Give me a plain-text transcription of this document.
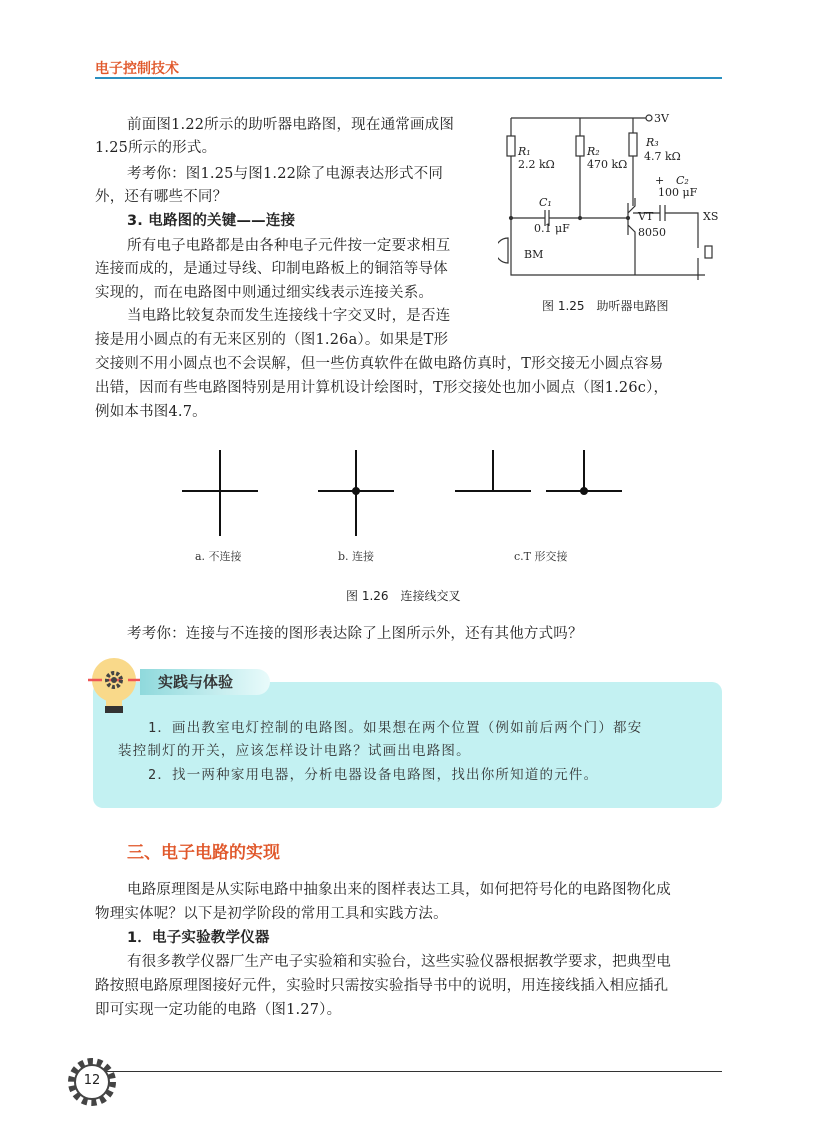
电子控制技术
前面图1.22所示的助听器电路图，现在通常画成图
1.25所示的形式。
考考你：图1.25与图1.22除了电源表达形式不同
外，还有哪些不同？
3. 电路图的关键——连接
所有电子电路都是由各种电子元件按一定要求相互
连接而成的，是通过导线、印制电路板上的铜箔等导体
实现的，而在电路图中则通过细实线表示连接关系。
当电路比较复杂而发生连接线十字交叉时，是否连
接是用小圆点的有无来区别的（图1.26a）。如果是T形
交接则不用小圆点也不会误解，但一些仿真软件在做电路仿真时，T形交接无小圆点容易
出错，因而有些电路图特别是用计算机设计绘图时，T形交接处也加小圆点（图1.26c），
例如本书图4.7。
3V
R₁
2.2 kΩ
R₂
470 kΩ
R₃
4.7 kΩ
+ C₂
100 μF
C₁
0.1 μF
VT
8050
XS
BM
图 1.25　助听器电路图
a. 不连接	b. 连接	c.T 形交接
图 1.26　连接线交叉
考考你：连接与不连接的图形表达除了上图所示外，还有其他方式吗？
实践与体验
1．画出教室电灯控制的电路图。如果想在两个位置（例如前后两个门）都安
装控制灯的开关，应该怎样设计电路？试画出电路图。
2．找一两种家用电器，分析电器设备电路图，找出你所知道的元件。
三、电子电路的实现
电路原理图是从实际电路中抽象出来的图样表达工具，如何把符号化的电路图物化成
物理实体呢？以下是初学阶段的常用工具和实践方法。
1．电子实验教学仪器
有很多教学仪器厂生产电子实验箱和实验台，这些实验仪器根据教学要求，把典型电
路按照电路原理图接好元件，实验时只需按实验指导书中的说明，用连接线插入相应插孔
即可实现一定功能的电路（图1.27）。
12
